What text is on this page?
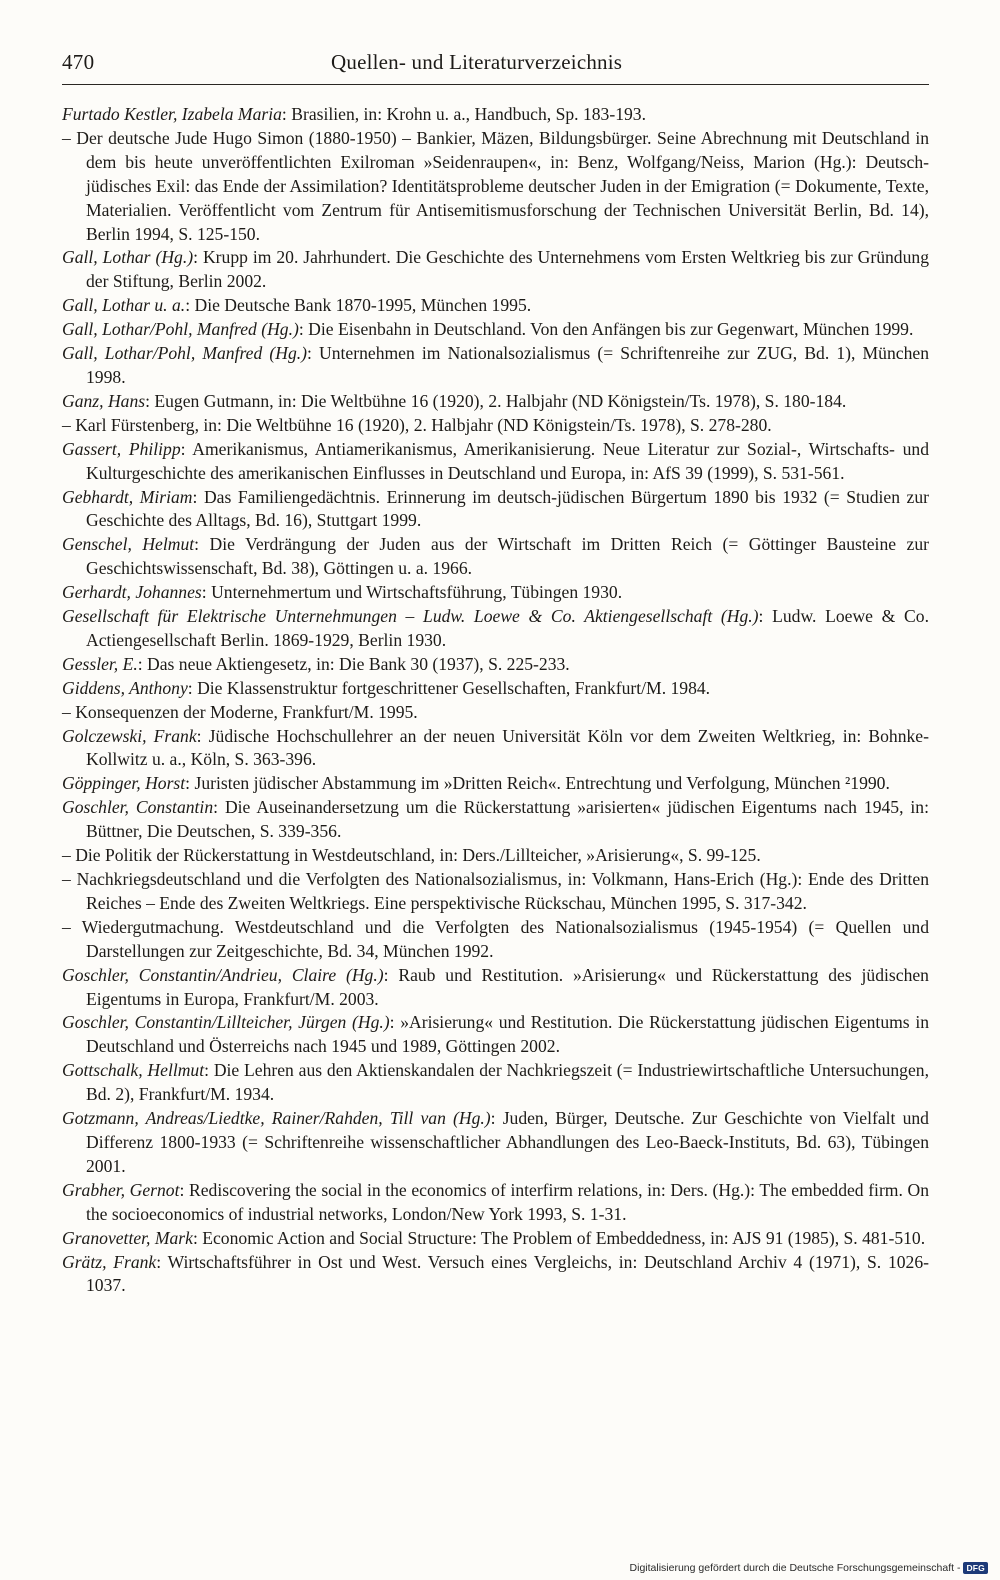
470	Quellen- und Literaturverzeichnis

Furtado Kestler, Izabela Maria: Brasilien, in: Krohn u. a., Handbuch, Sp. 183-193.

– Der deutsche Jude Hugo Simon (1880-1950) – Bankier, Mäzen, Bildungsbürger. Seine Abrechnung mit Deutschland in dem bis heute unveröffentlichten Exilroman »Seidenraupen«, in: Benz, Wolfgang/Neiss, Marion (Hg.): Deutsch-jüdisches Exil: das Ende der Assimilation? Identitätsprobleme deutscher Juden in der Emigration (= Dokumente, Texte, Materialien. Veröffentlicht vom Zentrum für Antisemitismusforschung der Technischen Universität Berlin, Bd. 14), Berlin 1994, S. 125-150.

Gall, Lothar (Hg.): Krupp im 20. Jahrhundert. Die Geschichte des Unternehmens vom Ersten Weltkrieg bis zur Gründung der Stiftung, Berlin 2002.

Gall, Lothar u. a.: Die Deutsche Bank 1870-1995, München 1995.

Gall, Lothar/Pohl, Manfred (Hg.): Die Eisenbahn in Deutschland. Von den Anfängen bis zur Gegenwart, München 1999.

Gall, Lothar/Pohl, Manfred (Hg.): Unternehmen im Nationalsozialismus (= Schriftenreihe zur ZUG, Bd. 1), München 1998.

Ganz, Hans: Eugen Gutmann, in: Die Weltbühne 16 (1920), 2. Halbjahr (ND Königstein/Ts. 1978), S. 180-184.

– Karl Fürstenberg, in: Die Weltbühne 16 (1920), 2. Halbjahr (ND Königstein/Ts. 1978), S. 278-280.

Gassert, Philipp: Amerikanismus, Antiamerikanismus, Amerikanisierung. Neue Literatur zur Sozial-, Wirtschafts- und Kulturgeschichte des amerikanischen Einflusses in Deutschland und Europa, in: AfS 39 (1999), S. 531-561.

Gebhardt, Miriam: Das Familiengedächtnis. Erinnerung im deutsch-jüdischen Bürgertum 1890 bis 1932 (= Studien zur Geschichte des Alltags, Bd. 16), Stuttgart 1999.

Genschel, Helmut: Die Verdrängung der Juden aus der Wirtschaft im Dritten Reich (= Göttinger Bausteine zur Geschichtswissenschaft, Bd. 38), Göttingen u. a. 1966.

Gerhardt, Johannes: Unternehmertum und Wirtschaftsführung, Tübingen 1930.

Gesellschaft für Elektrische Unternehmungen – Ludw. Loewe & Co. Aktiengesellschaft (Hg.): Ludw. Loewe & Co. Actiengesellschaft Berlin. 1869-1929, Berlin 1930.

Gessler, E.: Das neue Aktiengesetz, in: Die Bank 30 (1937), S. 225-233.

Giddens, Anthony: Die Klassenstruktur fortgeschrittener Gesellschaften, Frankfurt/M. 1984.

– Konsequenzen der Moderne, Frankfurt/M. 1995.

Golczewski, Frank: Jüdische Hochschullehrer an der neuen Universität Köln vor dem Zweiten Weltkrieg, in: Bohnke-Kollwitz u. a., Köln, S. 363-396.

Göppinger, Horst: Juristen jüdischer Abstammung im »Dritten Reich«. Entrechtung und Verfolgung, München ²1990.

Goschler, Constantin: Die Auseinandersetzung um die Rückerstattung »arisierten« jüdischen Eigentums nach 1945, in: Büttner, Die Deutschen, S. 339-356.

– Die Politik der Rückerstattung in Westdeutschland, in: Ders./Lillteicher, »Arisierung«, S. 99-125.

– Nachkriegsdeutschland und die Verfolgten des Nationalsozialismus, in: Volkmann, Hans-Erich (Hg.): Ende des Dritten Reiches – Ende des Zweiten Weltkriegs. Eine perspektivische Rückschau, München 1995, S. 317-342.

– Wiedergutmachung. Westdeutschland und die Verfolgten des Nationalsozialismus (1945-1954) (= Quellen und Darstellungen zur Zeitgeschichte, Bd. 34, München 1992.

Goschler, Constantin/Andrieu, Claire (Hg.): Raub und Restitution. »Arisierung« und Rückerstattung des jüdischen Eigentums in Europa, Frankfurt/M. 2003.

Goschler, Constantin/Lillteicher, Jürgen (Hg.): »Arisierung« und Restitution. Die Rückerstattung jüdischen Eigentums in Deutschland und Österreichs nach 1945 und 1989, Göttingen 2002.

Gottschalk, Hellmut: Die Lehren aus den Aktienskandalen der Nachkriegszeit (= Industriewirtschaftliche Untersuchungen, Bd. 2), Frankfurt/M. 1934.

Gotzmann, Andreas/Liedtke, Rainer/Rahden, Till van (Hg.): Juden, Bürger, Deutsche. Zur Geschichte von Vielfalt und Differenz 1800-1933 (= Schriftenreihe wissenschaftlicher Abhandlungen des Leo-Baeck-Instituts, Bd. 63), Tübingen 2001.

Grabher, Gernot: Rediscovering the social in the economics of interfirm relations, in: Ders. (Hg.): The embedded firm. On the socioeconomics of industrial networks, London/New York 1993, S. 1-31.

Granovetter, Mark: Economic Action and Social Structure: The Problem of Embeddedness, in: AJS 91 (1985), S. 481-510.

Grätz, Frank: Wirtschaftsführer in Ost und West. Versuch eines Vergleichs, in: Deutschland Archiv 4 (1971), S. 1026-1037.

Digitalisierung gefördert durch die Deutsche Forschungsgemeinschaft - DFG
